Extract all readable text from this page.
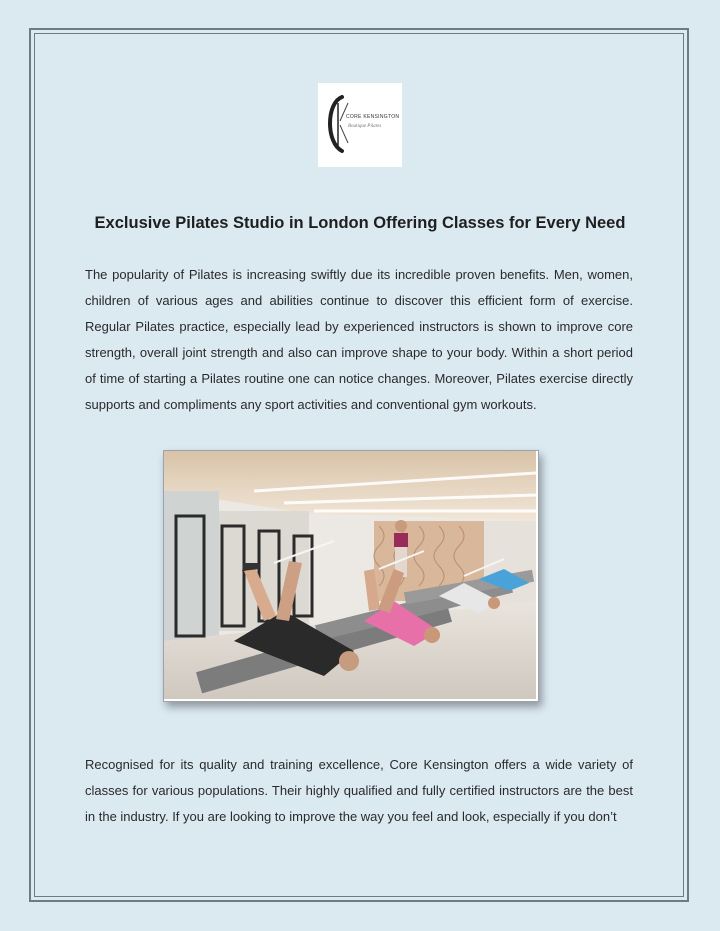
CORE KENSINGTON
Boutique Pilates
Exclusive Pilates Studio in London Offering Classes for Every Need

The popularity of Pilates is increasing swiftly due its incredible proven benefits. Men, women, children of various ages and abilities continue to discover this efficient form of exercise. Regular Pilates practice, especially lead by experienced instructors is shown to improve core strength, overall joint strength and also can improve shape to your body. Within a short period of time of starting a Pilates routine one can notice changes. Moreover, Pilates exercise directly supports and compliments any sport activities and conventional gym workouts.

Recognised for its quality and training excellence, Core Kensington offers a wide variety of classes for various populations. Their highly qualified and fully certified instructors are the best in the industry. If you are looking to improve the way you feel and look, especially if you don’t
